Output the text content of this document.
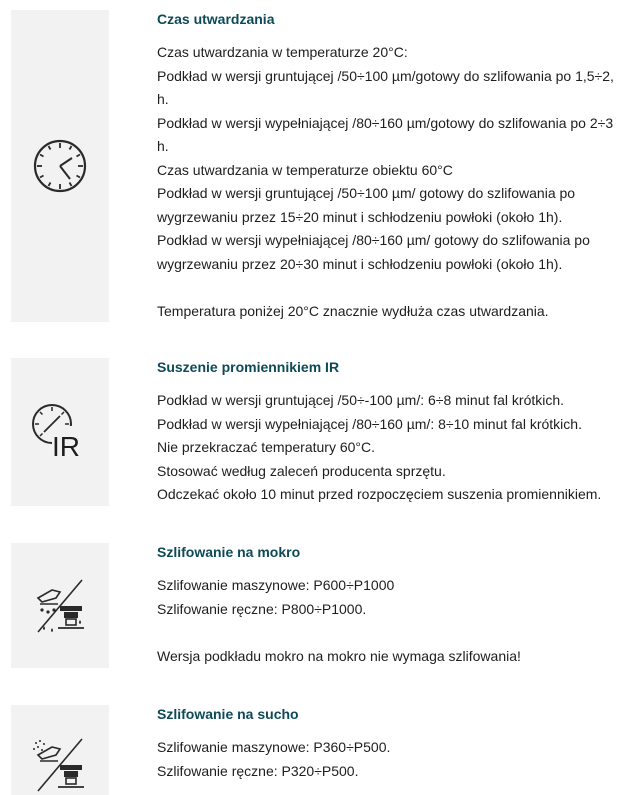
Czas utwardzania
Czas utwardzania w temperaturze 20°C:
Podkład w wersji gruntującej /50÷100 µm/gotowy do szlifowania po 1,5÷2,
h.
Podkład w wersji wypełniającej /80÷160 µm/gotowy do szlifowania po 2÷3
h.
Czas utwardzania w temperaturze obiektu 60°C
Podkład w wersji gruntującej /50÷100 µm/ gotowy do szlifowania po
wygrzewaniu przez 15÷20 minut i schłodzeniu powłoki (około 1h).
Podkład w wersji wypełniającej /80÷160 µm/ gotowy do szlifowania po
wygrzewaniu przez 20÷30 minut i schłodzeniu powłoki (około 1h).
Temperatura poniżej 20°C znacznie wydłuża czas utwardzania.
IR
Suszenie promiennikiem IR
Podkład w wersji gruntującej /50÷-100 µm/: 6÷8 minut fal krótkich.
Podkład w wersji wypełniającej /80÷160 µm/: 8÷10 minut fal krótkich.
Nie przekraczać temperatury 60°C.
Stosować według zaleceń producenta sprzętu.
Odczekać około 10 minut przed rozpoczęciem suszenia promiennikiem.
Szlifowanie na mokro
Szlifowanie maszynowe: P600÷P1000
Szlifowanie ręczne: P800÷P1000.
Wersja podkładu mokro na mokro nie wymaga szlifowania!
Szlifowanie na sucho
Szlifowanie maszynowe: P360÷P500.
Szlifowanie ręczne: P320÷P500.
